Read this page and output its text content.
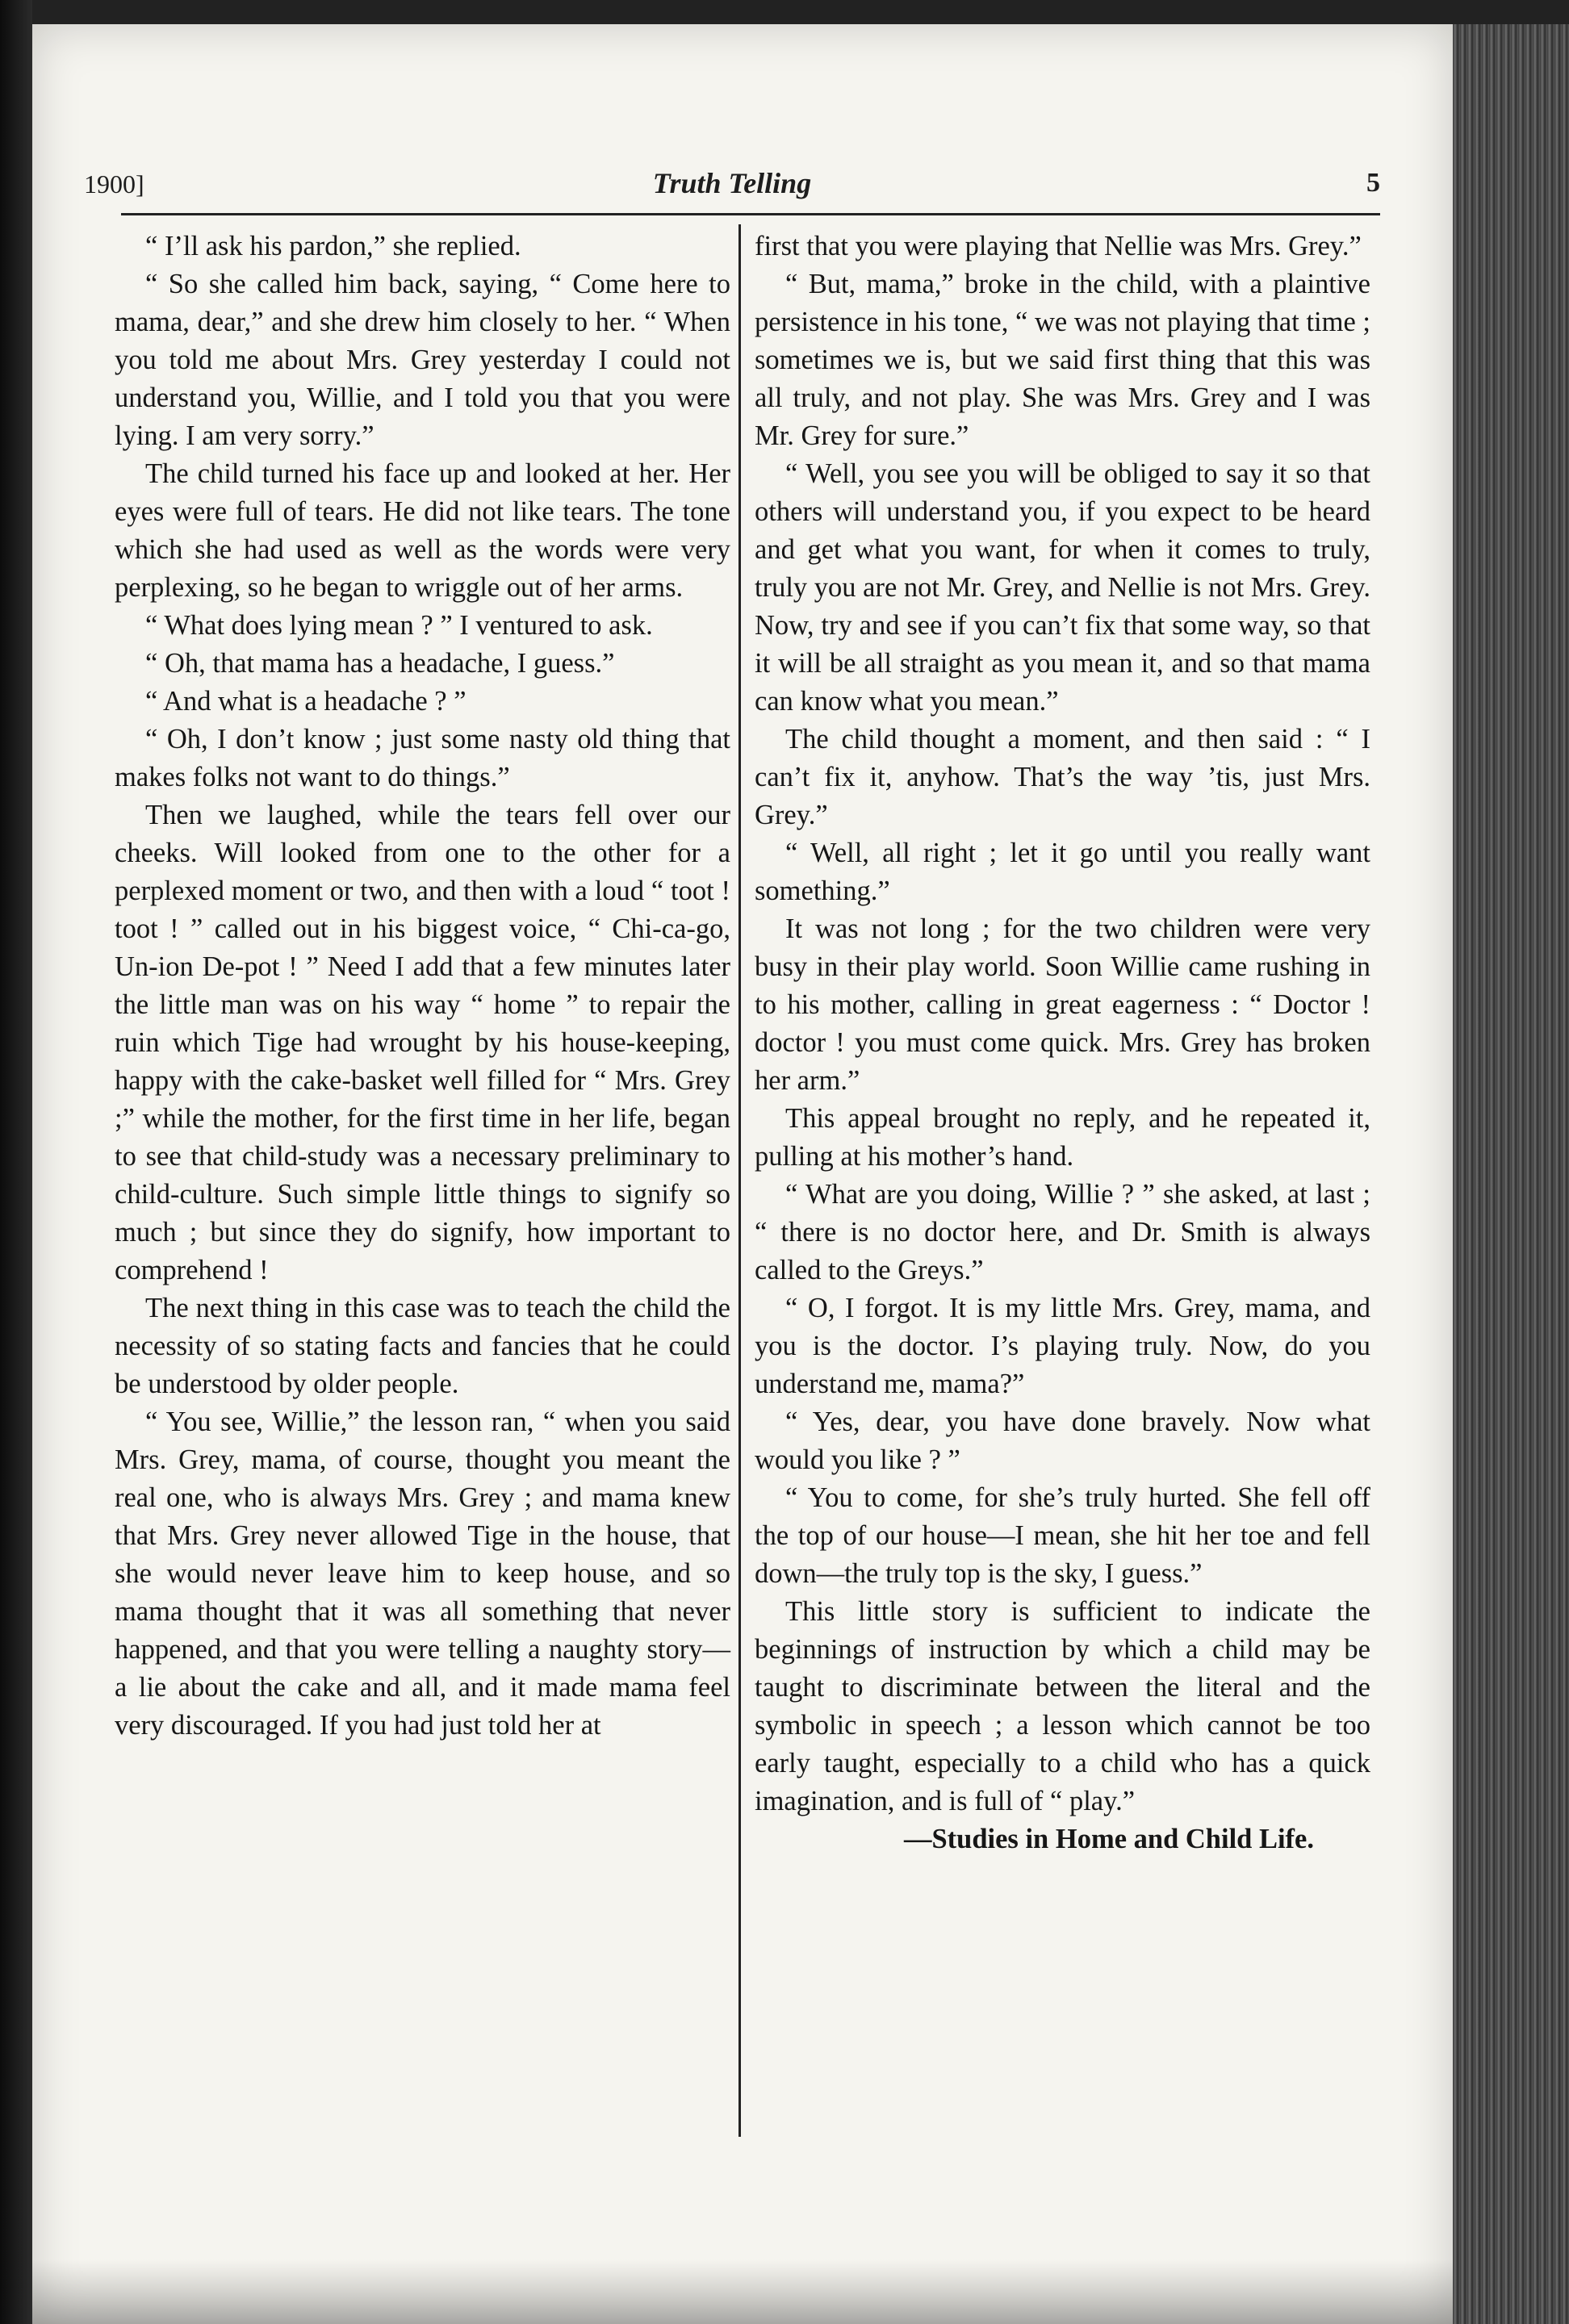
1900]	Truth Telling	5

“ I’ll ask his pardon,” she replied.

“ So she called him back, saying, “ Come here to mama, dear,” and she drew him closely to her. “ When you told me about Mrs. Grey yesterday I could not understand you, Willie, and I told you that you were lying. I am very sorry.”

The child turned his face up and looked at her. Her eyes were full of tears. He did not like tears. The tone which she had used as well as the words were very perplexing, so he began to wriggle out of her arms.

“ What does lying mean ? ” I ventured to ask.

“ Oh, that mama has a headache, I guess.”

“ And what is a headache ? ”

“ Oh, I don’t know ; just some nasty old thing that makes folks not want to do things.”

Then we laughed, while the tears fell over our cheeks. Will looked from one to the other for a perplexed moment or two, and then with a loud “ toot ! toot ! ” called out in his biggest voice, “ Chi-ca-go, Un-ion De-pot ! ” Need I add that a few minutes later the little man was on his way “ home ” to repair the ruin which Tige had wrought by his house-keeping, happy with the cake-basket well filled for “ Mrs. Grey ;” while the mother, for the first time in her life, began to see that child-study was a necessary preliminary to child-culture. Such simple little things to signify so much ; but since they do signify, how important to comprehend !

The next thing in this case was to teach the child the necessity of so stating facts and fancies that he could be understood by older people.

“ You see, Willie,” the lesson ran, “ when you said Mrs. Grey, mama, of course, thought you meant the real one, who is always Mrs. Grey ; and mama knew that Mrs. Grey never allowed Tige in the house, that she would never leave him to keep house, and so mama thought that it was all something that never happened, and that you were telling a naughty story—a lie about the cake and all, and it made mama feel very discouraged. If you had just told her at

first that you were playing that Nellie was Mrs. Grey.”

“ But, mama,” broke in the child, with a plaintive persistence in his tone, “ we was not playing that time ; sometimes we is, but we said first thing that this was all truly, and not play. She was Mrs. Grey and I was Mr. Grey for sure.”

“ Well, you see you will be obliged to say it so that others will understand you, if you expect to be heard and get what you want, for when it comes to truly, truly you are not Mr. Grey, and Nellie is not Mrs. Grey. Now, try and see if you can’t fix that some way, so that it will be all straight as you mean it, and so that mama can know what you mean.”

The child thought a moment, and then said : “ I can’t fix it, anyhow. That’s the way ’tis, just Mrs. Grey.”

“ Well, all right ; let it go until you really want something.”

It was not long ; for the two children were very busy in their play world. Soon Willie came rushing in to his mother, calling in great eagerness : “ Doctor ! doctor ! you must come quick. Mrs. Grey has broken her arm.”

This appeal brought no reply, and he repeated it, pulling at his mother’s hand.

“ What are you doing, Willie ? ” she asked, at last ; “ there is no doctor here, and Dr. Smith is always called to the Greys.”

“ O, I forgot. It is my little Mrs. Grey, mama, and you is the doctor. I’s playing truly. Now, do you understand me, mama?”

“ Yes, dear, you have done bravely. Now what would you like ? ”

“ You to come, for she’s truly hurted. She fell off the top of our house—I mean, she hit her toe and fell down—the truly top is the sky, I guess.”

This little story is sufficient to indicate the beginnings of instruction by which a child may be taught to discriminate between the literal and the symbolic in speech ; a lesson which cannot be too early taught, especially to a child who has a quick imagination, and is full of “ play.”

—Studies in Home and Child Life.
